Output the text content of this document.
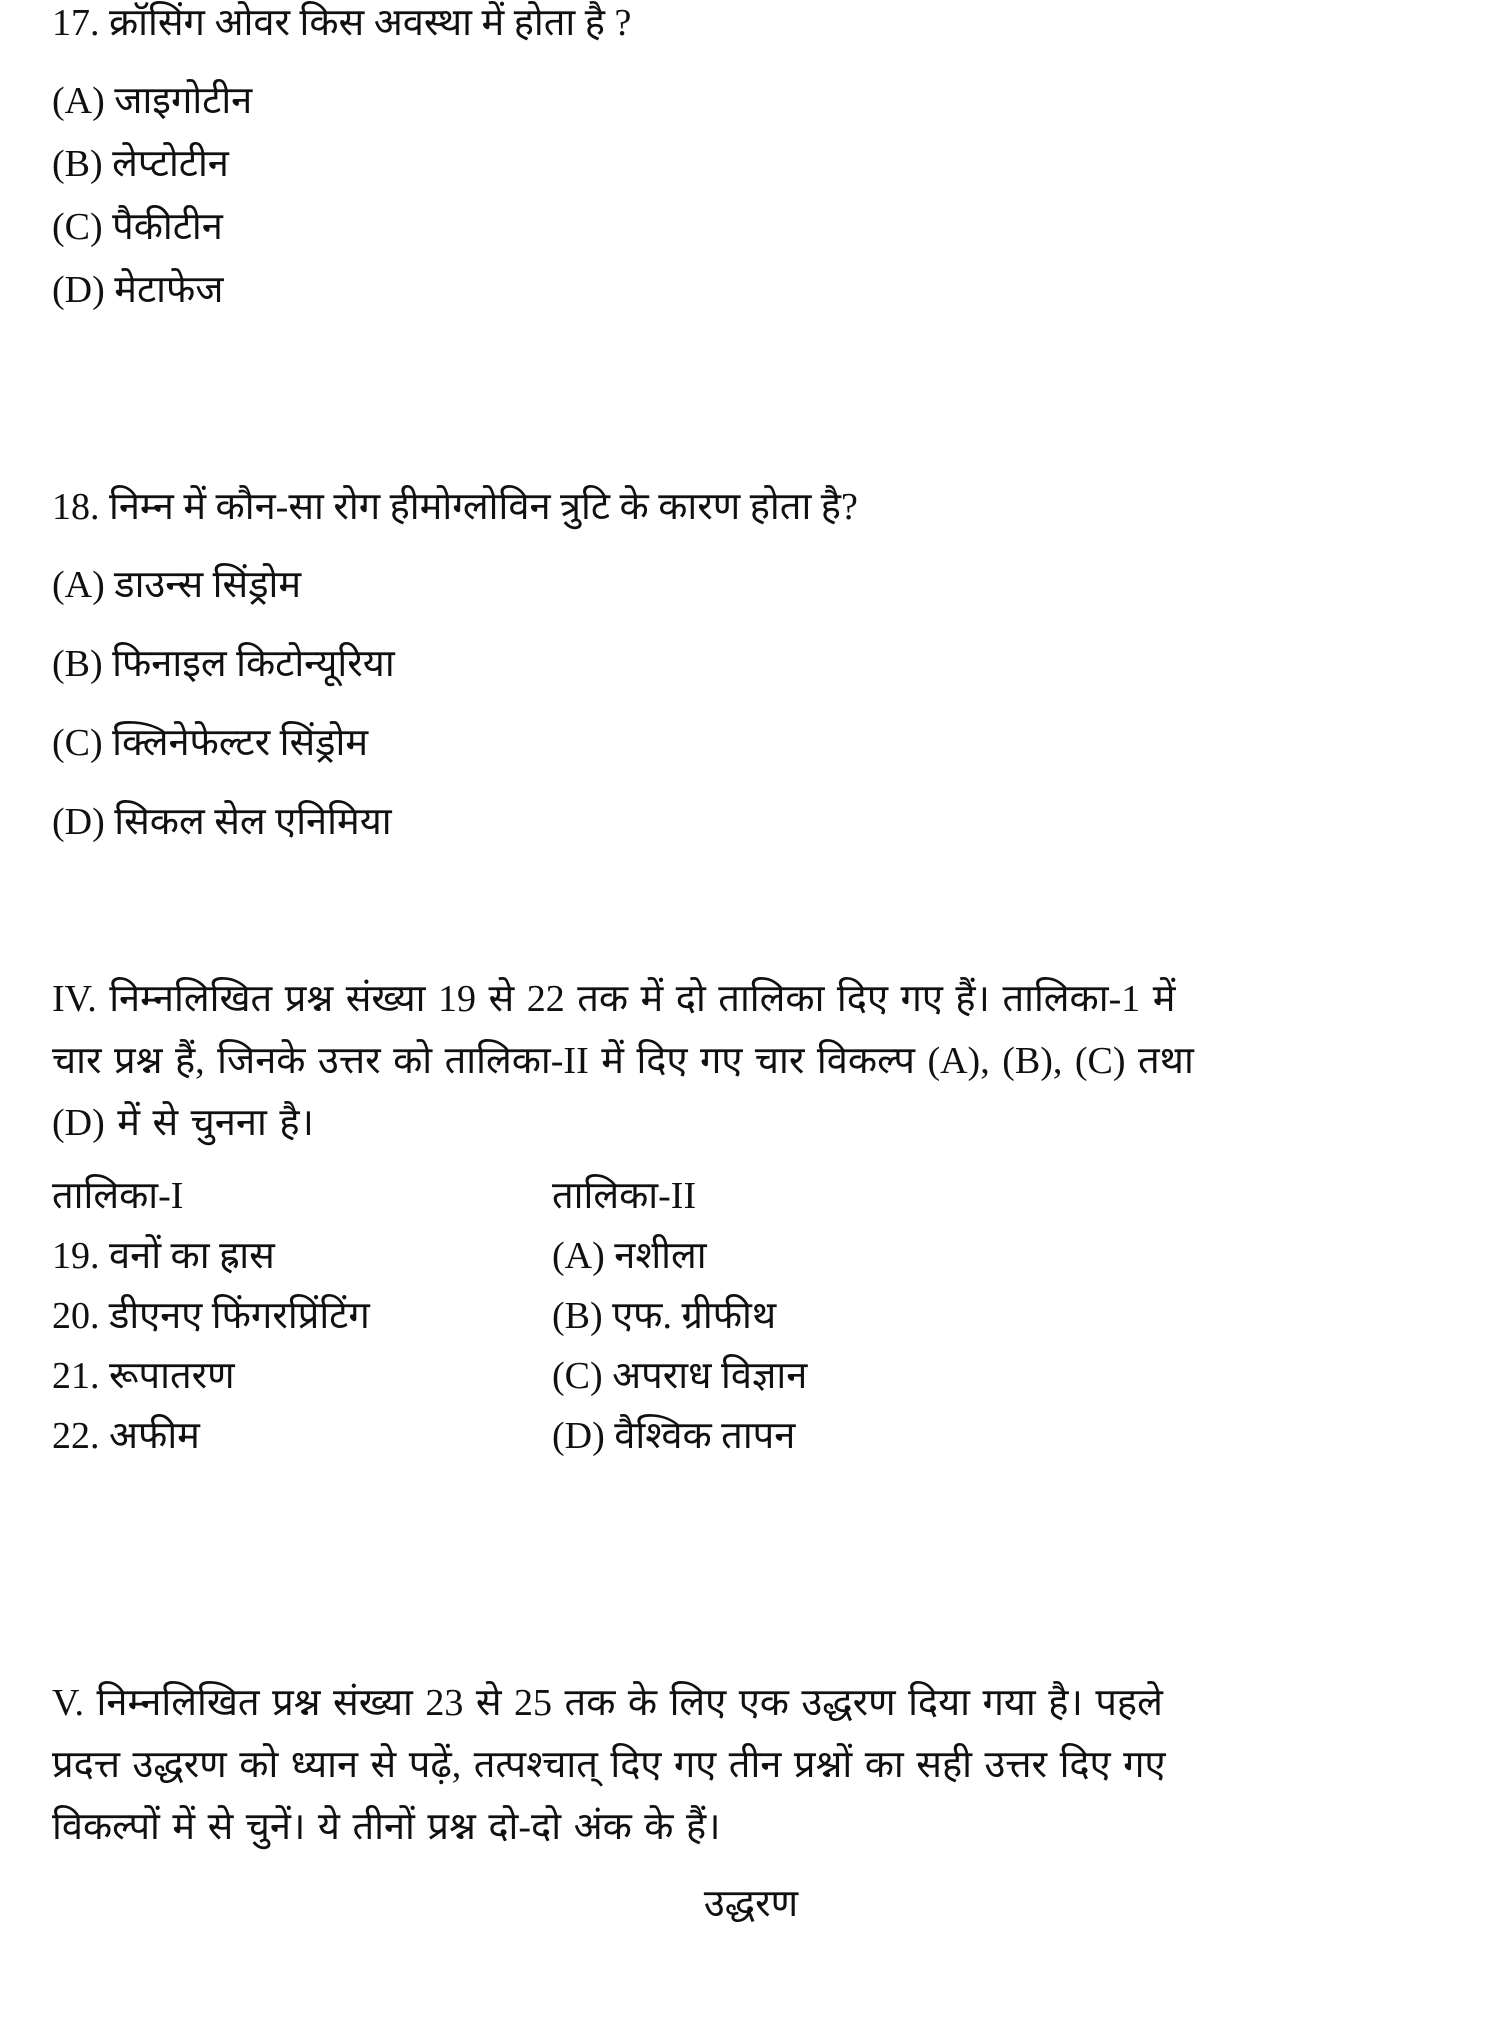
17. क्रॉसिंग ओवर किस अवस्था में होता है ?
(A) जाइगोटीन
(B) लेप्टोटीन
(C) पैकीटीन
(D) मेटाफेज
18. निम्न में कौन-सा रोग हीमोग्लोविन त्रुटि के कारण होता है?
(A) डाउन्स सिंड्रोम
(B) फिनाइल किटोन्यूरिया
(C) क्लिनेफेल्टर सिंड्रोम
(D) सिकल सेल एनिमिया
IV. निम्नलिखित प्रश्न संख्या 19 से 22 तक में दो तालिका दिए गए हैं। तालिका-1 में
चार प्रश्न हैं, जिनके उत्तर को तालिका-II में दिए गए चार विकल्प (A), (B), (C) तथा
(D) में से चुनना है।
तालिका-I	तालिका-II
19. वनों का ह्रास	(A) नशीला
20. डीएनए फिंगरप्रिंटिंग	(B) एफ. ग्रीफीथ
21. रूपातरण	(C) अपराध विज्ञान
22. अफीम	(D) वैश्विक तापन
V. निम्नलिखित प्रश्न संख्या 23 से 25 तक के लिए एक उद्धरण दिया गया है। पहले
प्रदत्त उद्धरण को ध्यान से पढ़ें, तत्पश्चात् दिए गए तीन प्रश्नों का सही उत्तर दिए गए
विकल्पों में से चुनें। ये तीनों प्रश्न दो-दो अंक के हैं।
उद्धरण
